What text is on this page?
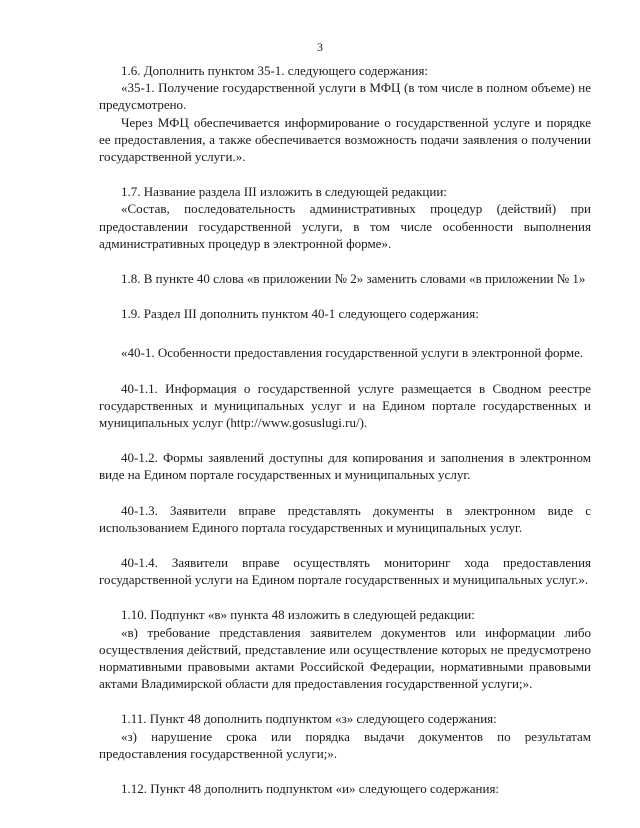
3

1.6. Дополнить пунктом 35-1. следующего содержания:

«35-1. Получение государственной услуги в МФЦ (в том числе в полном объеме) не предусмотрено.

Через МФЦ обеспечивается информирование о государственной услуге и порядке ее предоставления, а также обеспечивается возможность подачи заявления о получении государственной услуги.».

1.7. Название раздела III изложить в следующей редакции:

«Состав, последовательность административных процедур (действий) при предоставлении государственной услуги, в том числе особенности выполнения административных процедур в электронной форме».

1.8. В пункте 40 слова «в приложении № 2» заменить словами «в приложении № 1»

1.9. Раздел III дополнить пунктом 40-1 следующего содержания:

«40-1. Особенности предоставления государственной услуги в электронной форме.

40-1.1. Информация о государственной услуге размещается в Сводном реестре государственных и муниципальных услуг и на Едином портале государственных и муниципальных услуг (http://www.gosuslugi.ru/).

40-1.2. Формы заявлений доступны для копирования и заполнения в электронном виде на Едином портале государственных и муниципальных услуг.

40-1.3. Заявители вправе представлять документы в электронном виде с использованием Единого портала государственных и муниципальных услуг.

40-1.4. Заявители вправе осуществлять мониторинг хода предоставления государственной услуги на Едином портале государственных и муниципальных услуг.».

1.10. Подпункт «в» пункта 48 изложить в следующей редакции:

«в) требование представления заявителем документов или информации либо осуществления действий, представление или осуществление которых не предусмотрено нормативными правовыми актами Российской Федерации, нормативными правовыми актами Владимирской области для предоставления государственной услуги;».

1.11. Пункт 48 дополнить подпунктом «з» следующего содержания:

«з) нарушение срока или порядка выдачи документов по результатам предоставления государственной услуги;».

1.12. Пункт 48 дополнить подпунктом «и» следующего содержания:
